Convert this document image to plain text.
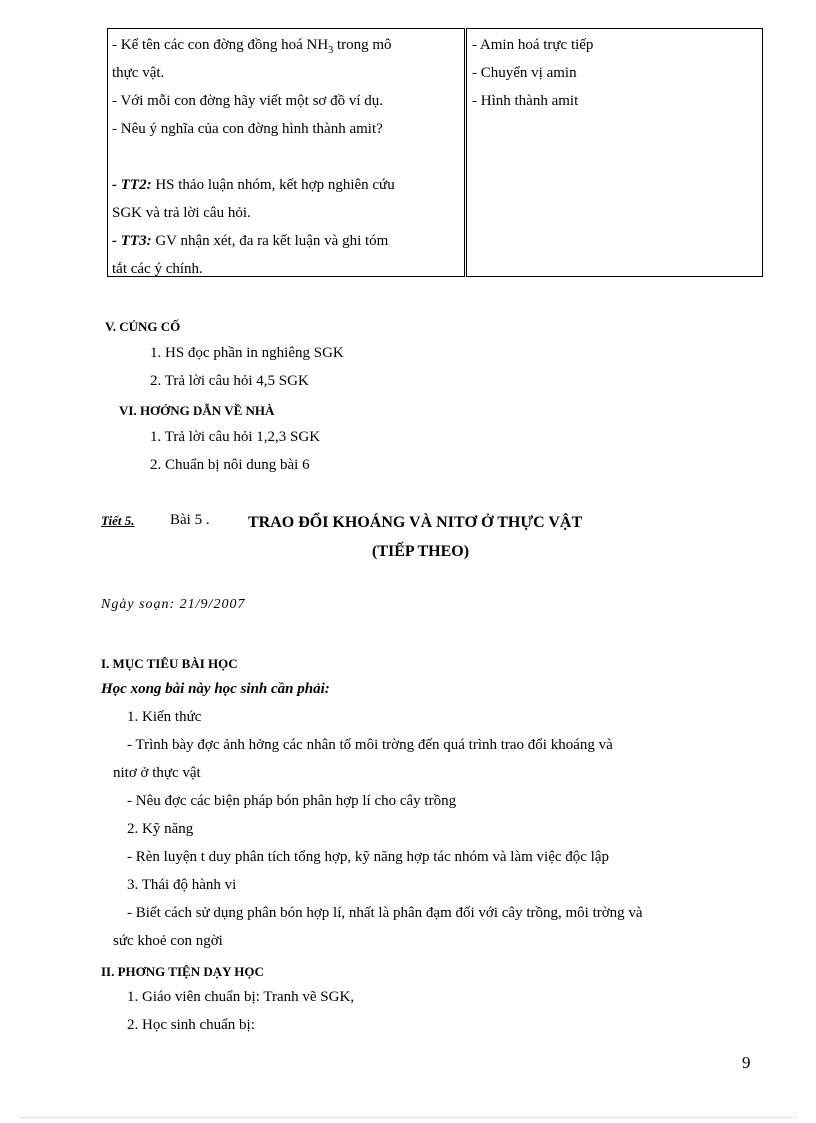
- Kể tên các con đờng đồng hoá $NH_3$ trong mô
thực vật.
- Với mỗi con đờng hãy viết một sơ đồ ví dụ.
- Nêu ý nghĩa của con đờng hình thành amit?
- TT2: HS thảo luận nhóm, kết hợp nghiên cứu
SGK và trả lời câu hỏi.
- TT3: GV nhận xét, đa ra kết luận và ghi tóm
tắt các ý chính.
- Amin hoá trực tiếp
- Chuyển vị amin
- Hình thành amit
V. CỦNG CỐ
1. HS đọc phần in nghiêng SGK
2. Trả lời câu hỏi 4,5 SGK
VI. HƠỚNG DẪN VỀ NHÀ
1. Trả lời câu hỏi 1,2,3 SGK
2. Chuẩn bị nôi dung bài 6
Tiết 5. Bài 5 . TRAO ĐỔI KHOÁNG VÀ NITƠ Ở THỰC VẬT
(TIẾP THEO)
Ngày soạn: 21/9/2007
I. MỤC TIÊU BÀI HỌC
Học xong bài này học sinh cần phải:
1. Kiến thức
- Trình bày đợc ảnh hởng các nhân tố môi trờng đến quá trình trao đổi khoáng và
nitơ ở thực vật
- Nêu đợc các biện pháp bón phân hợp lí cho cây trồng
2. Kỹ năng
- Rèn luyện t duy phân tích tổng hợp, kỹ năng hợp tác nhóm và làm việc độc lập
3. Thái độ hành vi
- Biết cách sử dụng phân bón hợp lí, nhất là phân đạm đối với cây trồng, môi trờng và
sức khoẻ con ngời
II. PHƠNG TIỆN DẠY HỌC
1. Giáo viên chuẩn bị: Tranh vẽ SGK,
2. Học sinh chuẩn bị:
9
